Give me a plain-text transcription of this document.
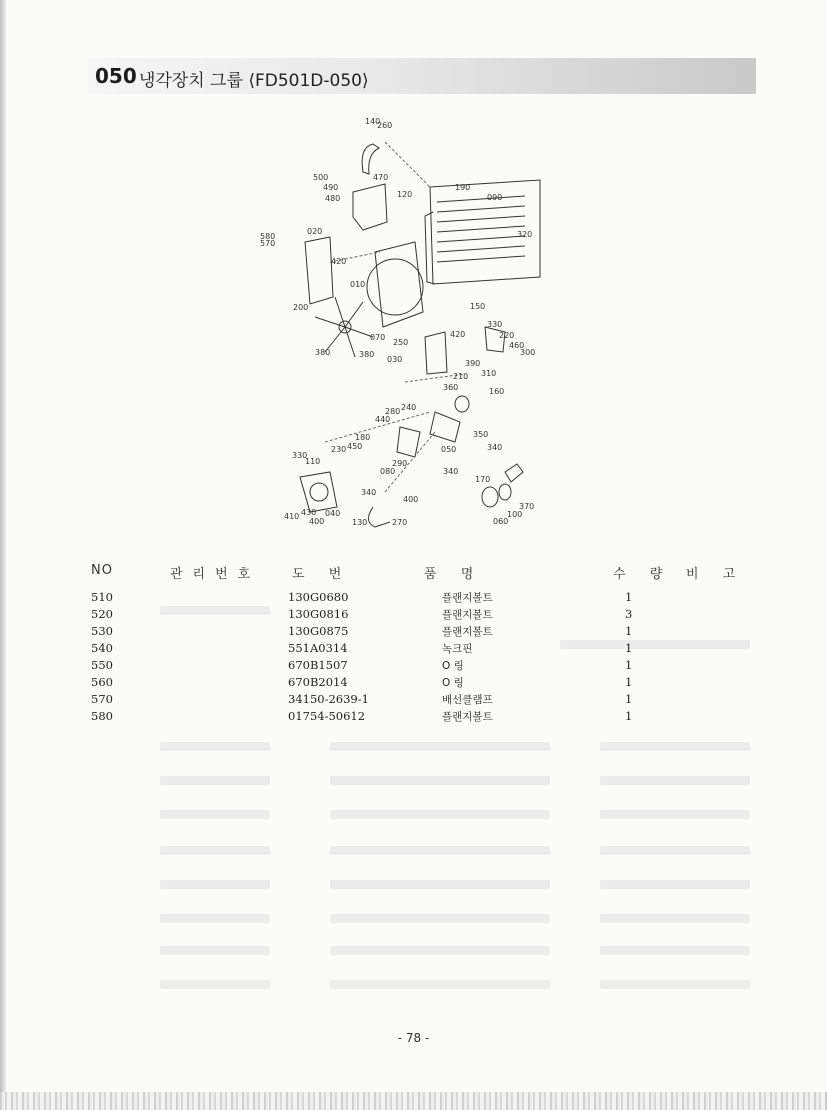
050 냉각장치 그룹 ⟨FD501D-050⟩
140
260
500
490
480
470
120
190
090
580
570
020	320
420
010
200	150
330
070	220
460
250
420
300
380	380
030	390
310
210
360	160
240
280
440
180
230 450
350
340
330
110
050
080
290
340
170
340
400
370
410 430 040
400	130	270	060
100
NO	관리번호 도 번	품 명	수 량 비 고
510	130G0680	플랜지볼트	1
520	130G0816	플랜지볼트	3
530	130G0875	플랜지볼트	1
540	551A0314	녹크핀	1
550	670B1507	O 링	1
560	670B2014	O 링	1
570	34150-2639-1	배선클램프	1
580	01754-50612	플랜지볼트	1
- 78 -
